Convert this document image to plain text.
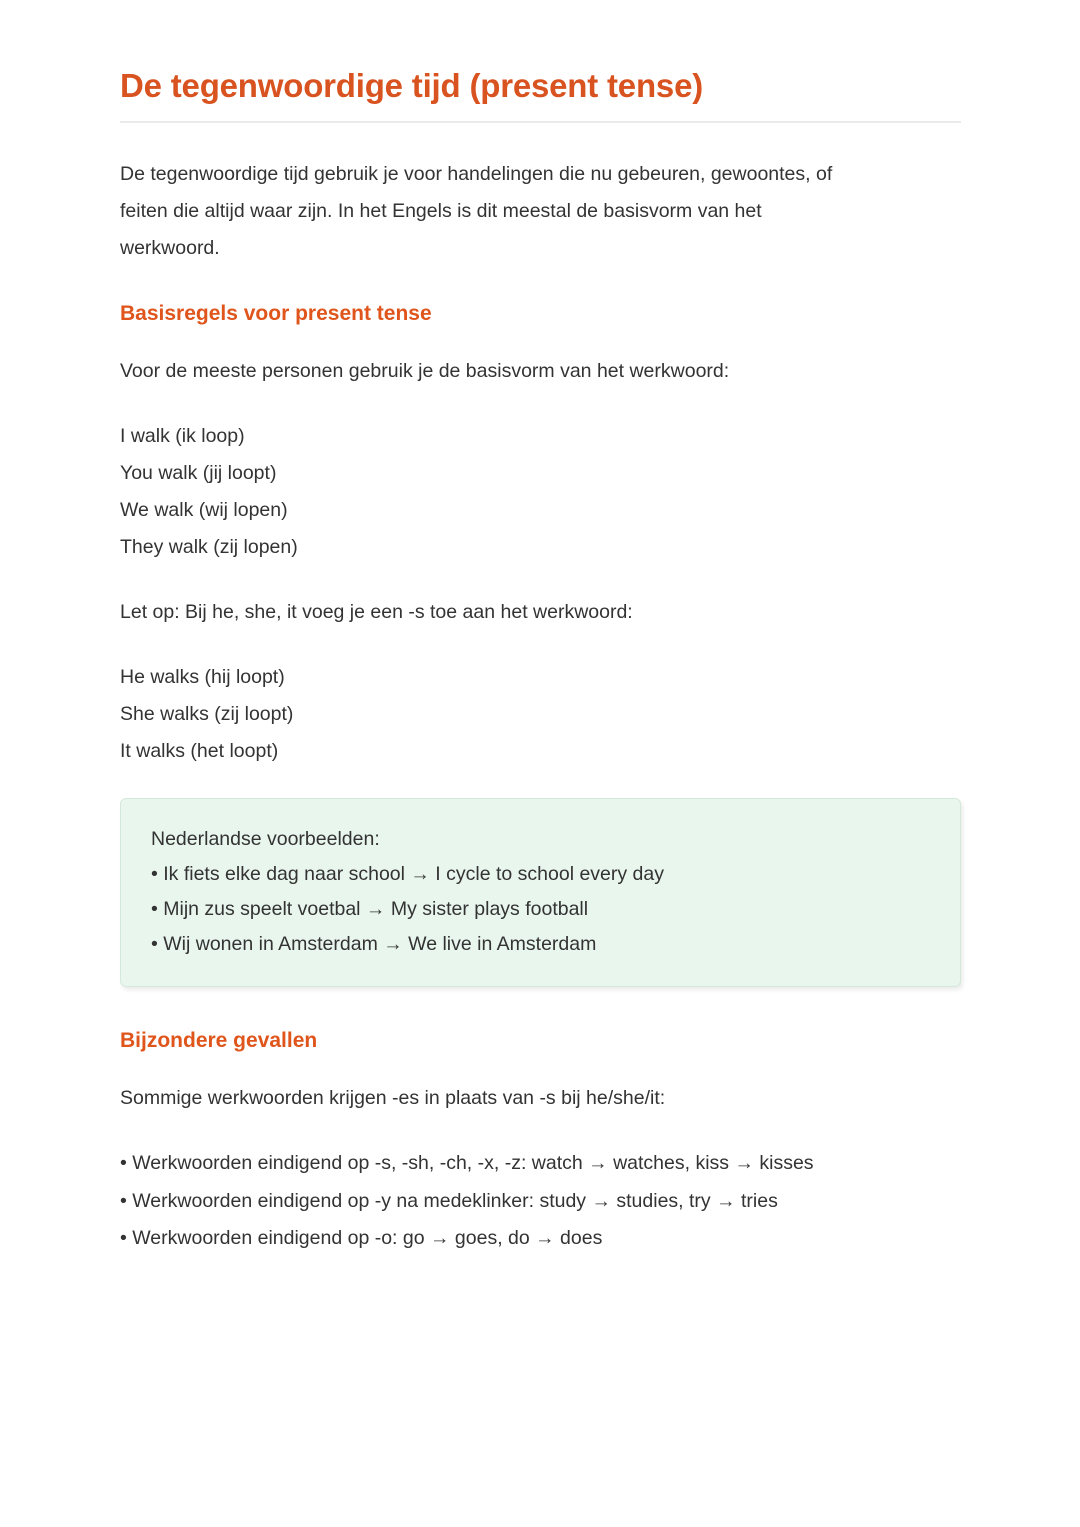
De tegenwoordige tijd (present tense)
De tegenwoordige tijd gebruik je voor handelingen die nu gebeuren, gewoontes, of
feiten die altijd waar zijn. In het Engels is dit meestal de basisvorm van het
werkwoord.
Basisregels voor present tense

Voor de meeste personen gebruik je de basisvorm van het werkwoord:

I walk (ik loop)
You walk (jij loopt)
We walk (wij lopen)
They walk (zij lopen)

Let op: Bij he, she, it voeg je een -s toe aan het werkwoord:

He walks (hij loopt)
She walks (zij loopt)
It walks (het loopt)
Nederlandse voorbeelden:
• Ik fiets elke dag naar school → I cycle to school every day
• Mijn zus speelt voetbal → My sister plays football
• Wij wonen in Amsterdam → We live in Amsterdam
Bijzondere gevallen

Sommige werkwoorden krijgen -es in plaats van -s bij he/she/it:

• Werkwoorden eindigend op -s, -sh, -ch, -x, -z: watch → watches, kiss → kisses
• Werkwoorden eindigend op -y na medeklinker: study → studies, try → tries
• Werkwoorden eindigend op -o: go → goes, do → does
